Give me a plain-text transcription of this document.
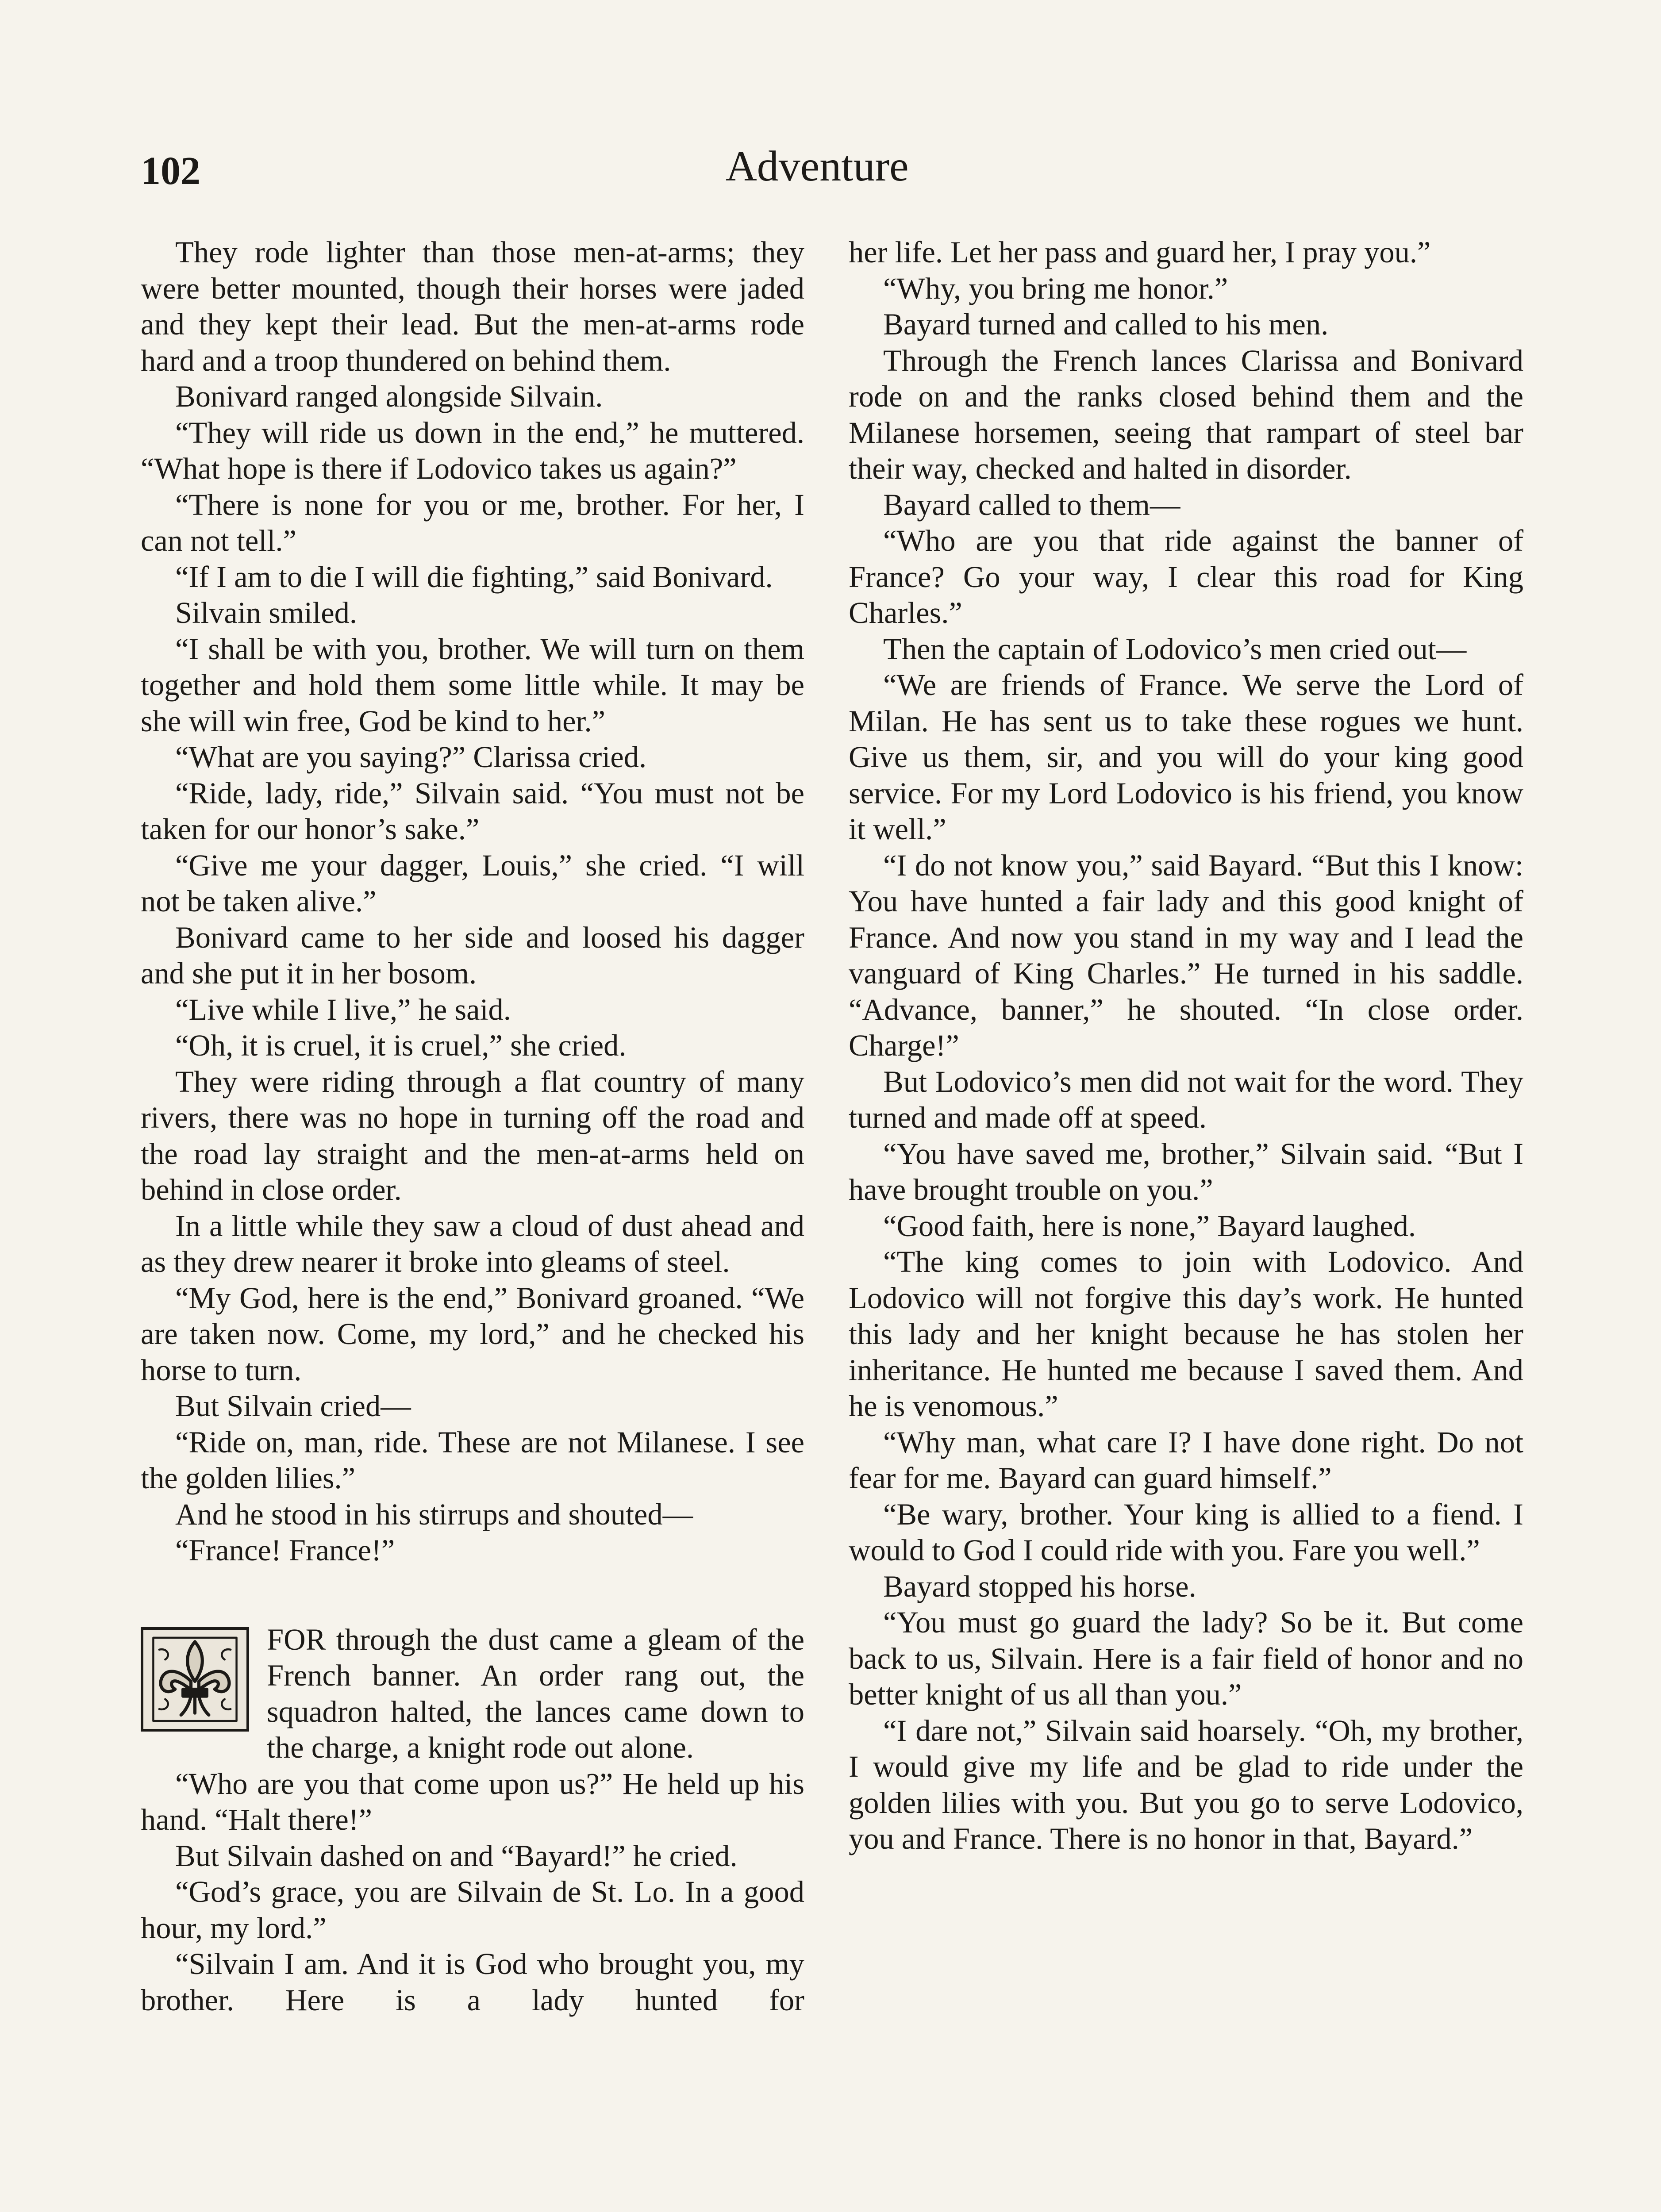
102	Adventure

They rode lighter than those men-at-arms; they were better mounted, though their horses were jaded and they kept their lead. But the men-at-arms rode hard and a troop thundered on behind them.

Bonivard ranged alongside Silvain.

“They will ride us down in the end,” he muttered. “What hope is there if Lodovico takes us again?”

“There is none for you or me, brother. For her, I can not tell.”

“If I am to die I will die fighting,” said Bonivard.

Silvain smiled.

“I shall be with you, brother. We will turn on them together and hold them some little while. It may be she will win free, God be kind to her.”

“What are you saying?” Clarissa cried.

“Ride, lady, ride,” Silvain said. “You must not be taken for our honor’s sake.”

“Give me your dagger, Louis,” she cried. “I will not be taken alive.”

Bonivard came to her side and loosed his dagger and she put it in her bosom.

“Live while I live,” he said.

“Oh, it is cruel, it is cruel,” she cried.

They were riding through a flat country of many rivers, there was no hope in turning off the road and the road lay straight and the men-at-arms held on behind in close order.

In a little while they saw a cloud of dust ahead and as they drew nearer it broke into gleams of steel.

“My God, here is the end,” Bonivard groaned. “We are taken now. Come, my lord,” and he checked his horse to turn.

But Silvain cried—

“Ride on, man, ride. These are not Milanese. I see the golden lilies.”

And he stood in his stirrups and shouted—

“France! France!”

FOR through the dust came a gleam of the French banner. An order rang out, the squadron halted, the lances came down to the charge, a knight rode out alone.

“Who are you that come upon us?” He held up his hand. “Halt there!”

But Silvain dashed on and “Bayard!” he cried.

“God’s grace, you are Silvain de St. Lo. In a good hour, my lord.”

“Silvain I am. And it is God who brought you, my brother. Here is a lady hunted for

her life. Let her pass and guard her, I pray you.”

“Why, you bring me honor.”

Bayard turned and called to his men.

Through the French lances Clarissa and Bonivard rode on and the ranks closed behind them and the Milanese horsemen, seeing that rampart of steel bar their way, checked and halted in disorder.

Bayard called to them—

“Who are you that ride against the banner of France? Go your way, I clear this road for King Charles.”

Then the captain of Lodovico’s men cried out—

“We are friends of France. We serve the Lord of Milan. He has sent us to take these rogues we hunt. Give us them, sir, and you will do your king good service. For my Lord Lodovico is his friend, you know it well.”

“I do not know you,” said Bayard. “But this I know: You have hunted a fair lady and this good knight of France. And now you stand in my way and I lead the vanguard of King Charles.” He turned in his saddle. “Advance, banner,” he shouted. “In close order. Charge!”

But Lodovico’s men did not wait for the word. They turned and made off at speed.

“You have saved me, brother,” Silvain said. “But I have brought trouble on you.”

“Good faith, here is none,” Bayard laughed.

“The king comes to join with Lodovico. And Lodovico will not forgive this day’s work. He hunted this lady and her knight because he has stolen her inheritance. He hunted me because I saved them. And he is venomous.”

“Why man, what care I? I have done right. Do not fear for me. Bayard can guard himself.”

“Be wary, brother. Your king is allied to a fiend. I would to God I could ride with you. Fare you well.”

Bayard stopped his horse.

“You must go guard the lady? So be it. But come back to us, Silvain. Here is a fair field of honor and no better knight of us all than you.”

“I dare not,” Silvain said hoarsely. “Oh, my brother, I would give my life and be glad to ride under the golden lilies with you. But you go to serve Lodovico, you and France. There is no honor in that, Bayard.”
